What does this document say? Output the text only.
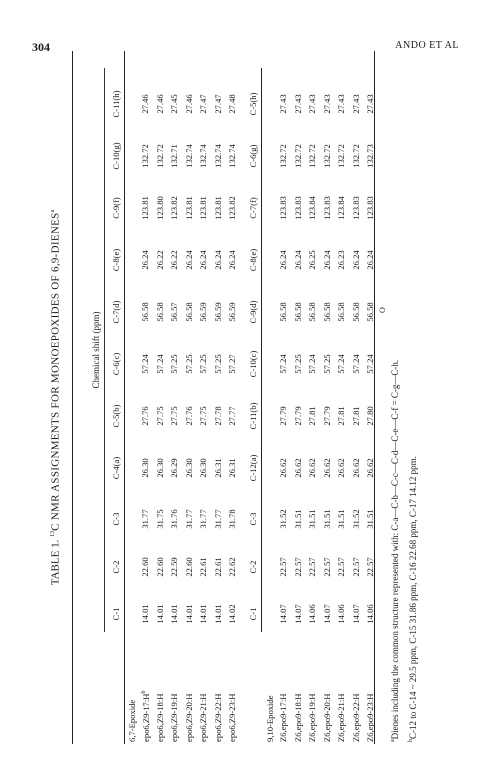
304	ANDO ET AL
TABLE 1. $^{13}$C NMR ASSIGNMENTS FOR MONOEPOXIDES OF 6,9-DIENES$^a$
Chemical shift (ppm)
C-1
C-2
C-3
C-4(a)
C-5(b)
C-6(c)
C-7(d)
C-8(e)
C-9(f)
C-10(g)
C-11(h)
6,7-Epoxide $epo6,Z9-17:H^b$
14.01
22.60
31.77
26.30
27.76
57.24
56.58
26.24
123.81
132.72
27.46
epo6,Z9-18:H
14.01
22.60
31.75
26.30
27.75
57.24
56.58
26.22
123.80
132.72
27.46
epo6,Z9-19:H
14.01
22.59
31.76
26.29
27.75
57.25
56.57
26.22
123.82
132.71
27.45
epo6,Z9-20:H
14.01
22.60
31.77
26.30
27.76
57.25
56.58
26.24
123.81
132.74
27.46
epo6,Z9-21:H
14.01
22.61
31.77
26.30
27.75
57.25
56.59
26.24
123.81
132.74
27.47
epo6,Z9-22:H
14.01
22.61
31.77
26.31
27.78
57.25
56.59
26.24
123.81
132.74
27.47
epo6,Z9-23:H
14.02
22.62
31.78
26.31
27.77
57.27
56.59
26.24
123.82
132.74
27.48
C-1
C-2
C-3
C-12(a)
C-11(b)
C-10(c)
C-9(d)
C-8(e)
C-7(f)
C-6(g)
C-5(h)
9,10-Epoxide Z6,epo9-17:H
14.07
22.57
31.52
26.62
27.79
57.24
56.58
26.24
123.83
132.72
27.43
Z6,epo9-18:H
14.07
22.57
31.51
26.62
27.79
57.25
56.58
26.24
123.83
132.72
27.43
Z6,epo9-19:H
14.06
22.57
31.51
26.62
27.81
57.24
56.58
26.25
123.84
132.72
27.43
Z6,epo9-20:H
14.07
22.57
31.51
26.62
27.79
57.25
56.58
26.24
123.83
132.72
27.43
Z6,epo9-21:H
14.06
22.57
31.51
26.62
27.81
57.24
56.58
26.23
123.84
132.72
27.43
Z6,epo9-22:H
14.07
22.57
31.52
26.62
27.81
57.24
56.58
26.24
123.83
132.72
27.43
Z6,epo9-23:H
14.06
22.57
31.51
26.62
27.80
57.24
56.58
26.24
123.83
132.73
27.43
$^a$Dienes including the common structure represented with: C-a—C-b—C-c—C-d—C-e—C-f = C-g—C-h.
O
$^b$C-12 to C-14 ~ 29.5 ppm, C-15 31.86 ppm, C-16 22.68 ppm, C-17 14.12 ppm.
